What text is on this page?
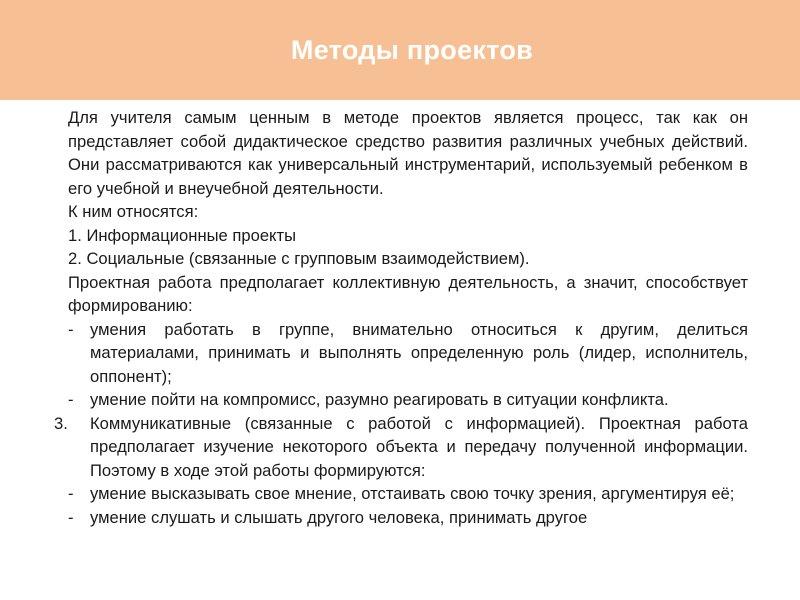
Методы проектов

Для учителя самым ценным в методе проектов является процесс, так как он представляет собой дидактическое средство развития различных учебных действий. Они рассматриваются как универсальный инструментарий, используемый ребенком в его учебной и внеучебной деятельности.

К ним относятся:

1. Информационные проекты

2. Социальные (связанные с групповым взаимодействием).

Проектная работа предполагает коллективную деятельность, а значит, способствует формированию:

- умения работать в группе, внимательно относиться к другим, делиться материалами, принимать и выполнять определенную роль (лидер, исполнитель, оппонент);
- умение пойти на компромисс, разумно реагировать в ситуации конфликта.
3. Коммуникативные (связанные с работой с информацией). Проектная работа предполагает изучение некоторого объекта и передачу полученной информации. Поэтому в ходе этой работы формируются:
- умение высказывать свое мнение, отстаивать свою точку зрения, аргументируя её;
- умение слушать и слышать другого человека, принимать другое
